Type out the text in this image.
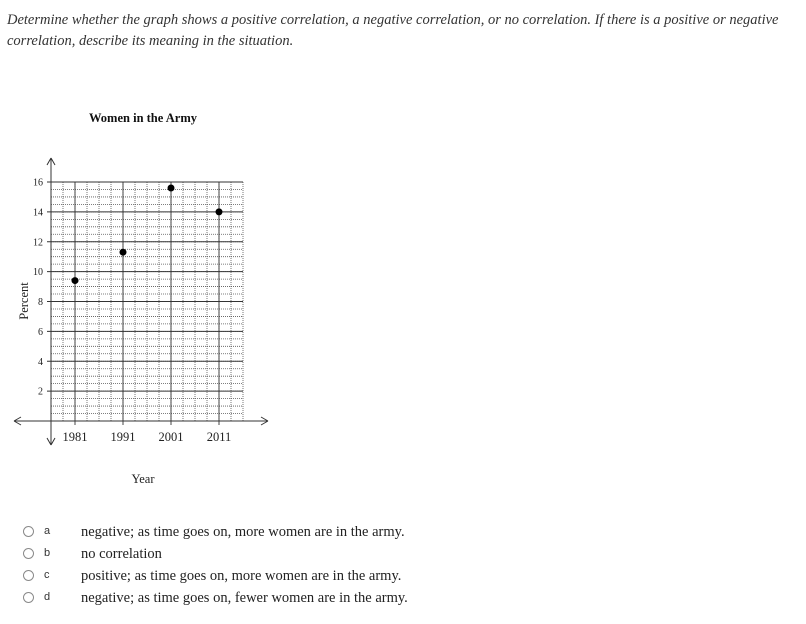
Determine whether the graph shows a positive correlation, a negative correlation, or no correlation. If there is a positive or negative correlation, describe its meaning in the situation.
Women in the Army
1981 1991 2001 2011
2
4
6
8
10
12
14
16
Year
Percent
a negative; as time goes on, more women are in the army.
b no correlation
c positive; as time goes on, more women are in the army.
d negative; as time goes on, fewer women are in the army.
